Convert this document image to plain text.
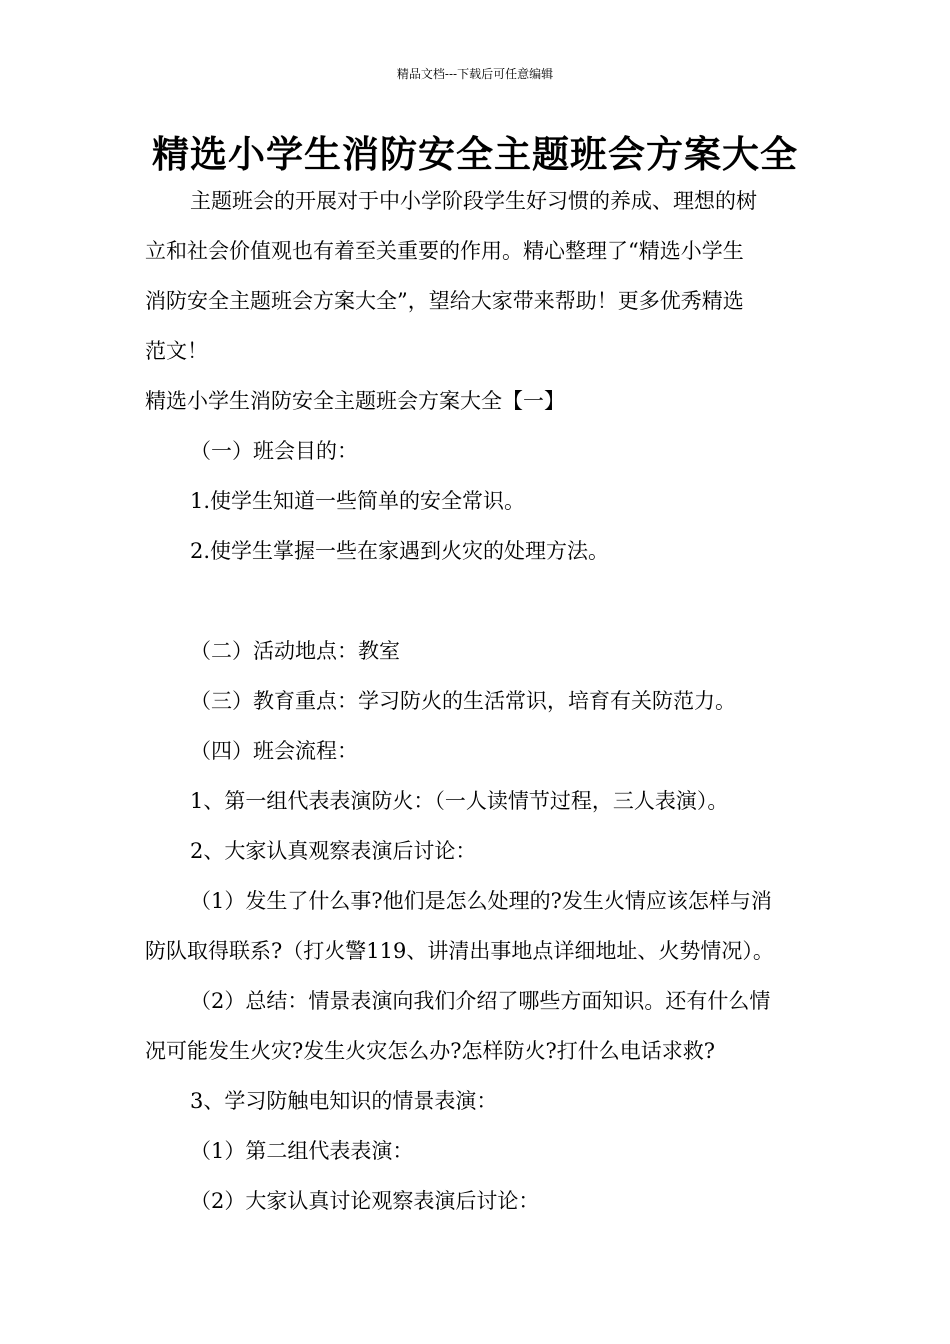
精品文档---下载后可任意编辑
精选小学生消防安全主题班会方案大全

主题班会的开展对于中小学阶段学生好习惯的养成、理想的树

立和社会价值观也有着至关重要的作用。精心整理了“精选小学生

消防安全主题班会方案大全”，望给大家带来帮助！更多优秀精选

范文！

精选小学生消防安全主题班会方案大全【一】

（一）班会目的：

1.使学生知道一些简单的安全常识。

2.使学生掌握一些在家遇到火灾的处理方法。

（二）活动地点：教室

（三）教育重点：学习防火的生活常识，培育有关防范力。

（四）班会流程：

1、第一组代表表演防火：（一人读情节过程，三人表演）。

2、大家认真观察表演后讨论：

（1）发生了什么事?他们是怎么处理的?发生火情应该怎样与消

防队取得联系?（打火警119、讲清出事地点详细地址、火势情况）。

（2）总结：情景表演向我们介绍了哪些方面知识。还有什么情

况可能发生火灾?发生火灾怎么办?怎样防火?打什么电话求救?

3、学习防触电知识的情景表演：

（1）第二组代表表演：

（2）大家认真讨论观察表演后讨论：
